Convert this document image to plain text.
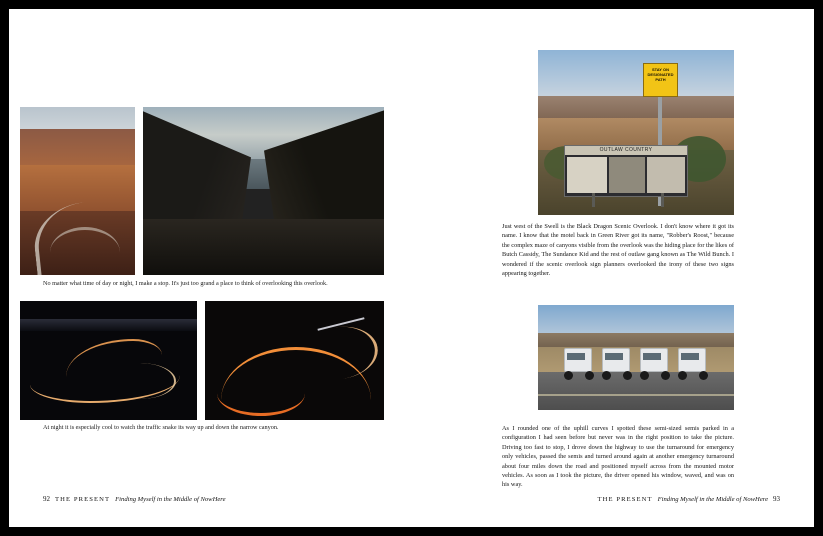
No matter what time of day or night, I make a stop. It's just too grand a place to think of overlooking this overlook.
At night it is especially cool to watch the traffic snake its way up and down the narrow canyon.
92 THE PRESENT Finding Myself in the Middle of NowHere
STAY ON DESIGNATED PATH
OUTLAW COUNTRY
Just west of the Swell is the Black Dragon Scenic Overlook. I don't know where it got its name. I know that the motel back in Green River got its name, "Robber's Roost," because the complex maze of canyons visible from the overlook was the hiding place for the likes of Butch Cassidy, The Sundance Kid and the rest of outlaw gang known as The Wild Bunch. I wondered if the scenic overlook sign planners overlooked the irony of these two signs appearing together.
As I rounded one of the uphill curves I spotted these semi-sized semis parked in a configuration I had seen before but never was in the right position to take the picture. Driving too fast to stop, I drove down the highway to use the turnaround for emergency only vehicles, passed the semis and turned around again at another emergency turnaround about four miles down the road and positioned myself across from the mounted motor vehicles. As soon as I took the picture, the driver opened his window, waved, and was on his way.
THE PRESENT Finding Myself in the Middle of NowHere 93
